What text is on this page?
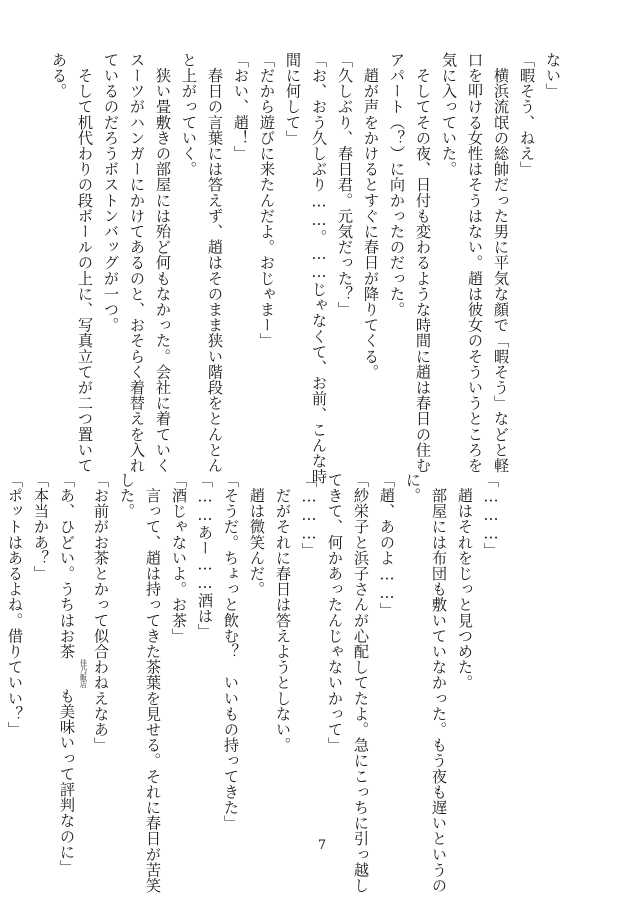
ない」
「暇そう、ねえ」
　横浜流氓の総帥だった男に平気な顔で「暇そう」などと軽
口を叩ける女性はそうはない。趙は彼女のそういうところを
気に入っていた。
　そしてその夜、日付も変わるような時間に趙は春日の住む
アパート（？）に向かったのだった。
　趙が声をかけるとすぐに春日が降りてくる。
「久しぶり、春日君。元気だった？」
「お、おう久しぶり……。……じゃなくて、お前、こんな時
間に何して」
「だから遊びに来たんだよ。おじゃまー」
「おい、趙！」
　春日の言葉には答えず、趙はそのまま狭い階段をとんとん
と上がっていく。
　狭い畳敷きの部屋には殆ど何もなかった。会社に着ていく
スーツがハンガーにかけてあるのと、おそらく着替えを入れ
ているのだろうボストンバッグが一つ。
　そして机代わりの段ボールの上に、写真立てが二つ置いて
ある。
「………」
　趙はそれをじっと見つめた。
　部屋には布団も敷いていなかった。もう夜も遅いというの
に。
「趙、あのよ……」
「紗栄子と浜子さんが心配してたよ。急にこっちに引っ越し
てきて、何かあったんじゃないかって」
「………」
　だがそれに春日は答えようとしない。
　趙は微笑んだ。
「そうだ。ちょっと飲む？　いいもの持ってきた」
「……あー……酒は」
「酒じゃないよ。お茶」
　言って、趙は持ってきた茶葉を見せる。それに春日が苦笑
した。
「お前がお茶とかって似合わねえなあ」
「あ、ひどい。うちはお茶佳乃飯店も美味いって評判なのに」
「本当かあ？」
「ポットはあるよね。借りていい？」
7
